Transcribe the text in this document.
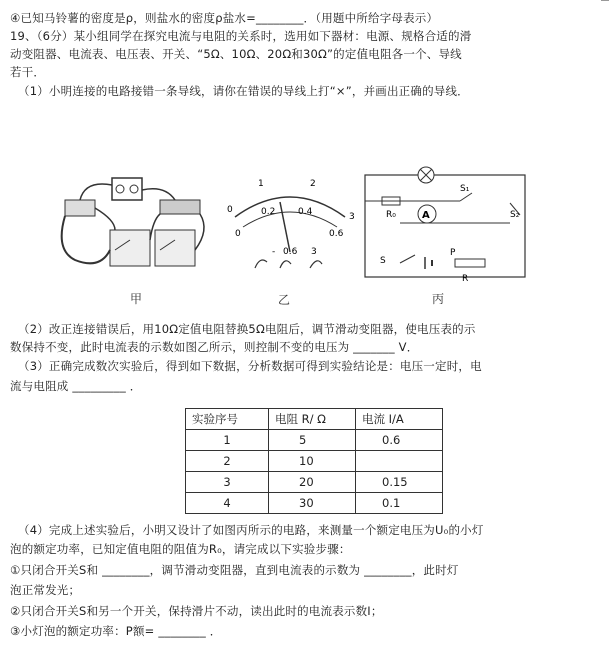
④已知马铃薯的密度是ρ，则盐水的密度ρ盐水=________．（用题中所给字母表示）
19、（6分）某小组同学在探究电流与电阻的关系时，选用如下器材：电源、规格合适的滑
动变阻器、电流表、电压表、开关、“5Ω、10Ω、20Ω和30Ω”的定值电阻各一个、导线
若干．
（1）小明连接的电路接错一条导线，请你在错误的导线上打“×”，并画出正确的导线．
甲
1	2
3
0	0.2	0.4
0.6
0
- 0.6 3
乙
R₀	A
S₁
S₂
S
P
R
丙
（2）改正连接错误后，用10Ω定值电阻替换5Ω电阻后，调节滑动变阻器，使电压表的示
数保持不变，此时电流表的示数如图乙所示，则控制不变的电压为 _______ V．
（3）正确完成数次实验后，得到如下数据，分析数据可得到实验结论是：电压一定时，电
流与电阻成 _________ ．
实验序号	电阻 R/ Ω	电流 I/A
1	5	0.6
2	10	
3	20	0.15
4	30	0.1
（4）完成上述实验后，小明又设计了如图丙所示的电路，来测量一个额定电压为U₀的小灯
泡的额定功率，已知定值电阻的阻值为R₀，请完成以下实验步骤：
①只闭合开关S和 ________，调节滑动变阻器，直到电流表的示数为 ________，此时灯
泡正常发光；
②只闭合开关S和另一个开关，保持滑片不动，读出此时的电流表示数I；
③小灯泡的额定功率：P额= ________ ．
